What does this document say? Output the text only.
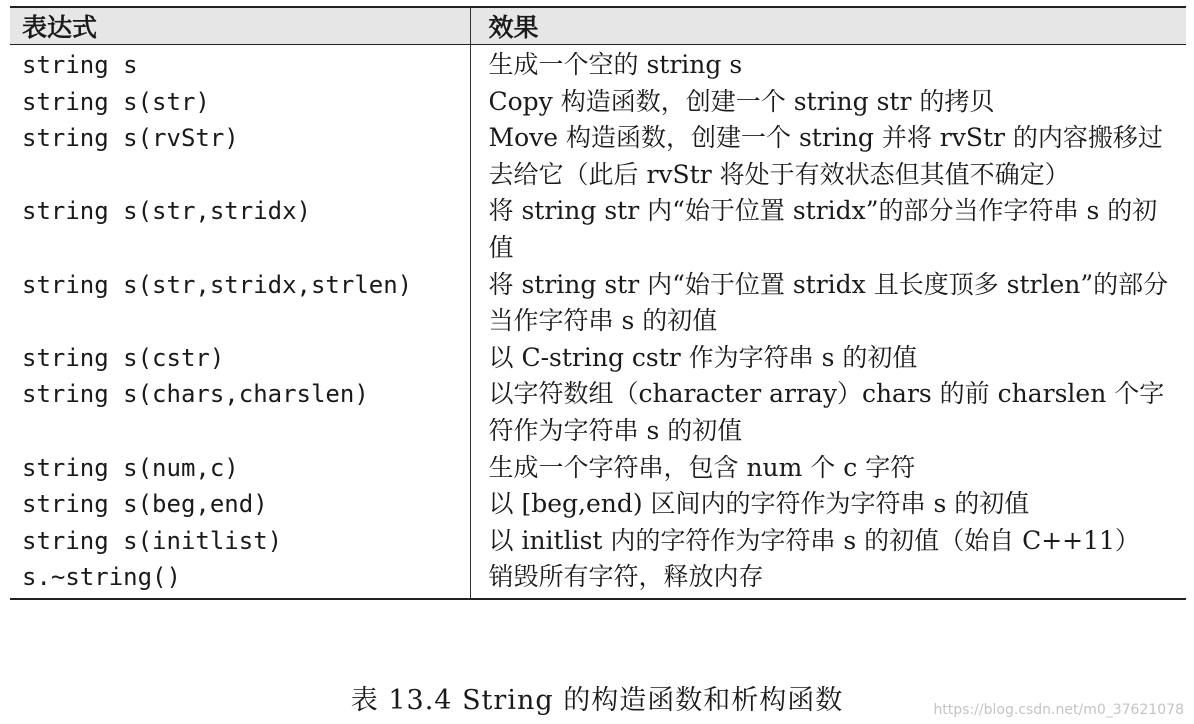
表达式	效果
string s	生成一个空的 string s
string s(str)	Copy 构造函数，创建一个 string str 的拷贝
string s(rvStr)	Move 构造函数，创建一个 string 并将 rvStr 的内容搬移过去给它（此后 rvStr 将处于有效状态但其值不确定）
string s(str,stridx)	将 string str 内“始于位置 stridx”的部分当作字符串 s 的初值
string s(str,stridx,strlen)	将 string str 内“始于位置 stridx 且长度顶多 strlen”的部分当作字符串 s 的初值
string s(cstr)	以 C-string cstr 作为字符串 s 的初值
string s(chars,charslen)	以字符数组（character array）chars 的前 charslen 个字符作为字符串 s 的初值
string s(num,c)	生成一个字符串，包含 num 个 c 字符
string s(beg,end)	以 [beg,end) 区间内的字符作为字符串 s 的初值
string s(initlist)	以 initlist 内的字符作为字符串 s 的初值（始自 C++11）
s.~string()	销毁所有字符，释放内存
表 13.4 String 的构造函数和析构函数	https://blog.csdn.net/m0_37621078
